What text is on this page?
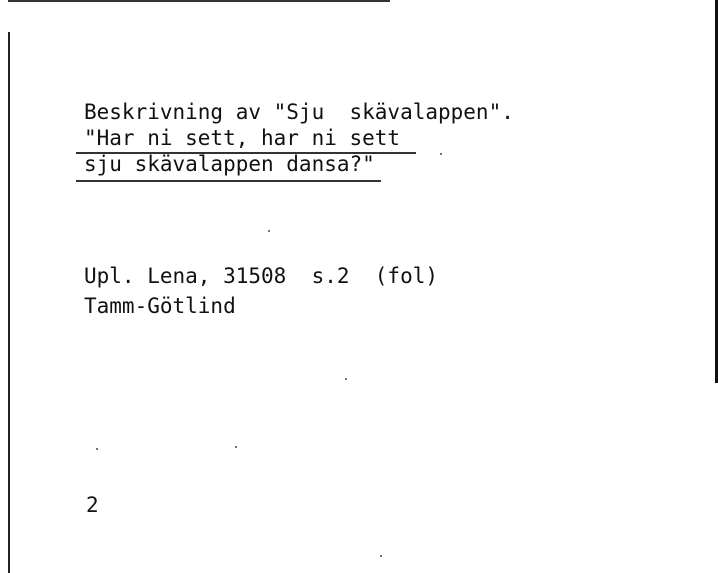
Beskrivning av "Sju  skävalappen".
"Har ni sett, har ni sett
sju skävalappen dansa?"
Upl. Lena, 31508  s.2  (fol)
Tamm-Götlind
2
